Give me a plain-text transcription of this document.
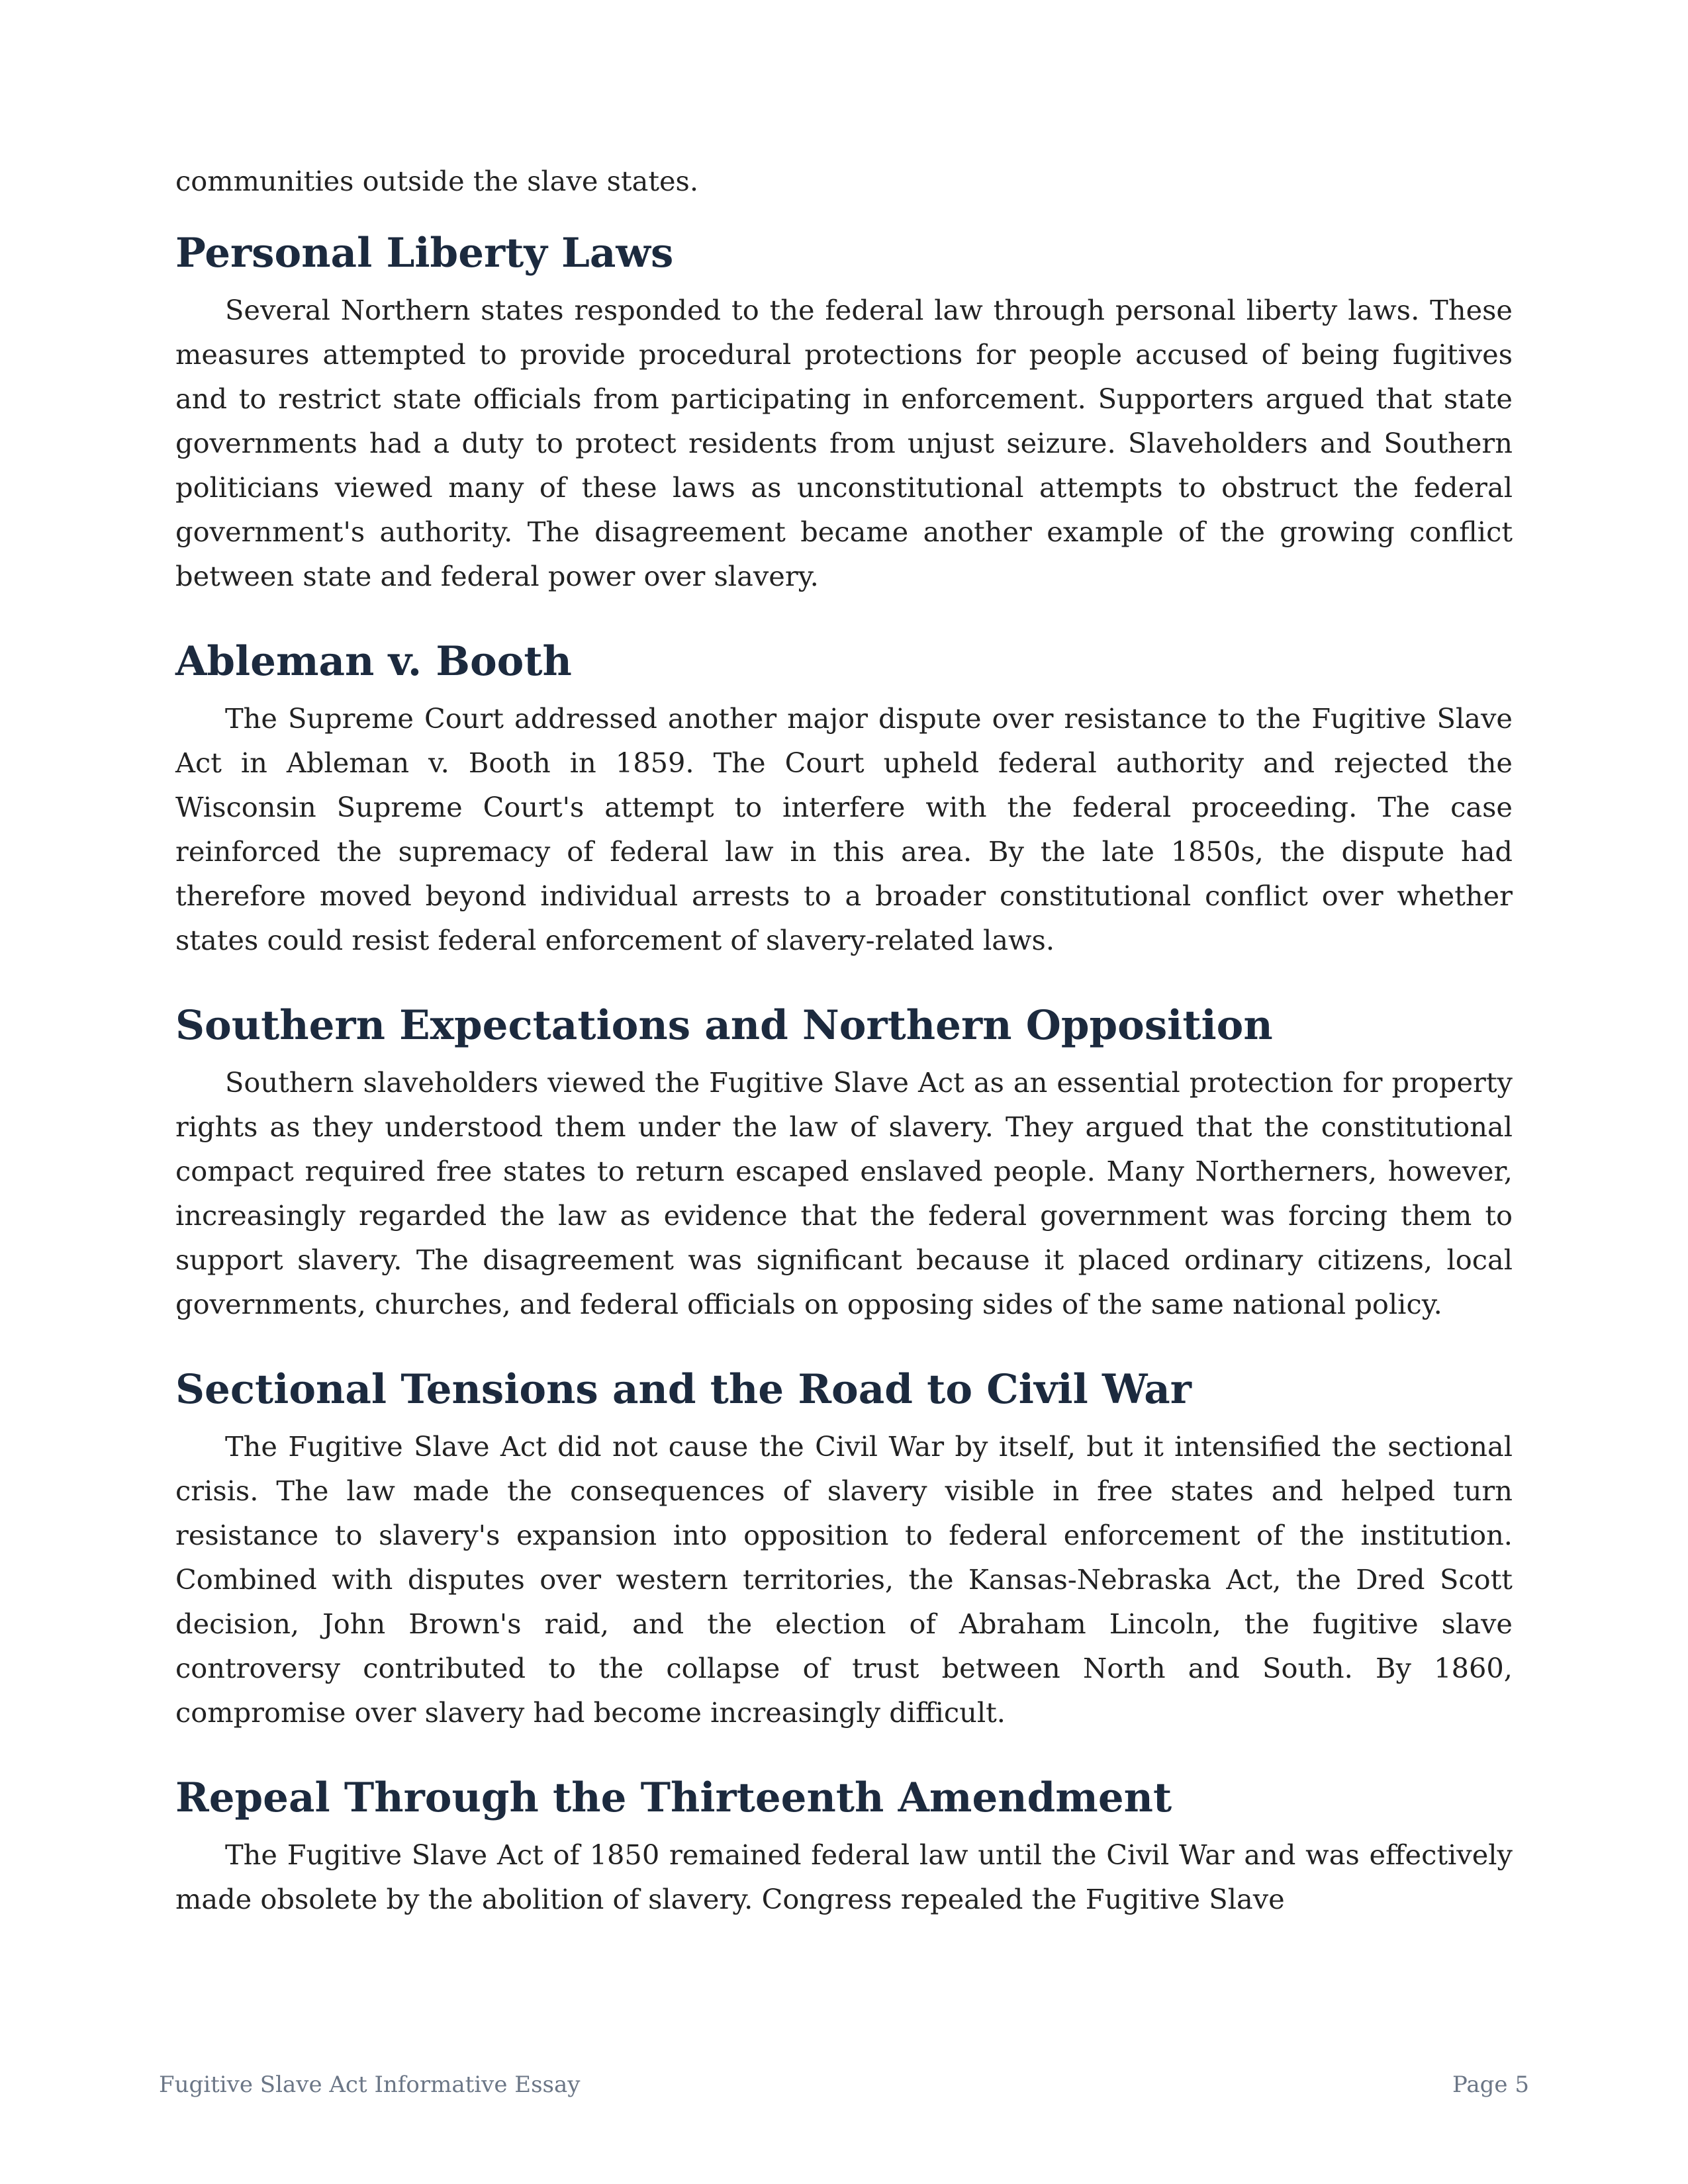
communities outside the slave states.

Personal Liberty Laws

Several Northern states responded to the federal law through personal liberty laws. These measures attempted to provide procedural protections for people accused of being fugitives and to restrict state officials from participating in enforcement. Supporters argued that state governments had a duty to protect residents from unjust seizure. Slaveholders and Southern politicians viewed many of these laws as unconstitutional attempts to obstruct the federal government's authority. The disagreement became another example of the growing conflict between state and federal power over slavery.

Ableman v. Booth

The Supreme Court addressed another major dispute over resistance to the Fugitive Slave Act in Ableman v. Booth in 1859. The Court upheld federal authority and rejected the Wisconsin Supreme Court's attempt to interfere with the federal proceeding. The case reinforced the supremacy of federal law in this area. By the late 1850s, the dispute had therefore moved beyond individual arrests to a broader constitutional conflict over whether states could resist federal enforcement of slavery-related laws.

Southern Expectations and Northern Opposition

Southern slaveholders viewed the Fugitive Slave Act as an essential protection for property rights as they understood them under the law of slavery. They argued that the constitutional compact required free states to return escaped enslaved people. Many Northerners, however, increasingly regarded the law as evidence that the federal government was forcing them to support slavery. The disagreement was significant because it placed ordinary citizens, local governments, churches, and federal officials on opposing sides of the same national policy.

Sectional Tensions and the Road to Civil War

The Fugitive Slave Act did not cause the Civil War by itself, but it intensified the sectional crisis. The law made the consequences of slavery visible in free states and helped turn resistance to slavery's expansion into opposition to federal enforcement of the institution. Combined with disputes over western territories, the Kansas-Nebraska Act, the Dred Scott decision, John Brown's raid, and the election of Abraham Lincoln, the fugitive slave controversy contributed to the collapse of trust between North and South. By 1860, compromise over slavery had become increasingly difficult.

Repeal Through the Thirteenth Amendment

The Fugitive Slave Act of 1850 remained federal law until the Civil War and was effectively made obsolete by the abolition of slavery. Congress repealed the Fugitive Slave

Fugitive Slave Act Informative Essay	Page 5
